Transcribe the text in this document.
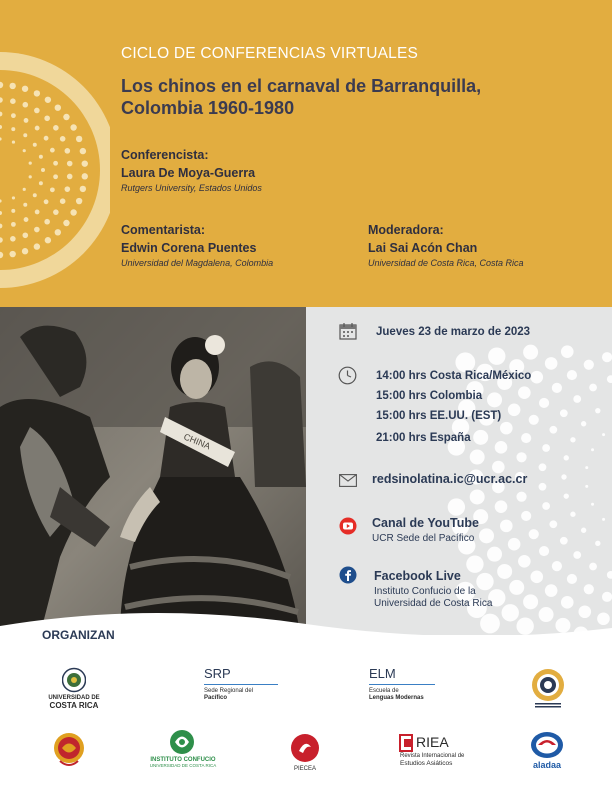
CICLO DE CONFERENCIAS VIRTUALES
Los chinos en el carnaval de Barranquilla,
Colombia 1960-1980
Conferencista:
Laura De Moya-Guerra
Rutgers University, Estados Unidos
Comentarista:
Edwin Corena Puentes
Universidad del Magdalena, Colombia
Moderadora:
Lai Sai Acón Chan
Universidad de Costa Rica, Costa Rica
CHINA
Jueves 23 de marzo de 2023
14:00 hrs Costa Rica/México
15:00 hrs Colombia
15:00 hrs EE.UU. (EST)
21:00 hrs España
redsinolatina.ic@ucr.ac.cr
Canal de YouTube
UCR Sede del Pacífico
Facebook Live
Instituto Confucio de la
Universidad de Costa Rica
ORGANIZAN
UNIVERSIDAD DE
COSTA RICA
SRP
Sede Regional del
Pacífico
ELM
Escuela de
Lenguas Modernas
INSTITUTO CONFUCIO
UNIVERSIDAD DE COSTA RICA
PIECEA
RIEA
Revista Internacional de
Estudios Asiáticos	aladaa
